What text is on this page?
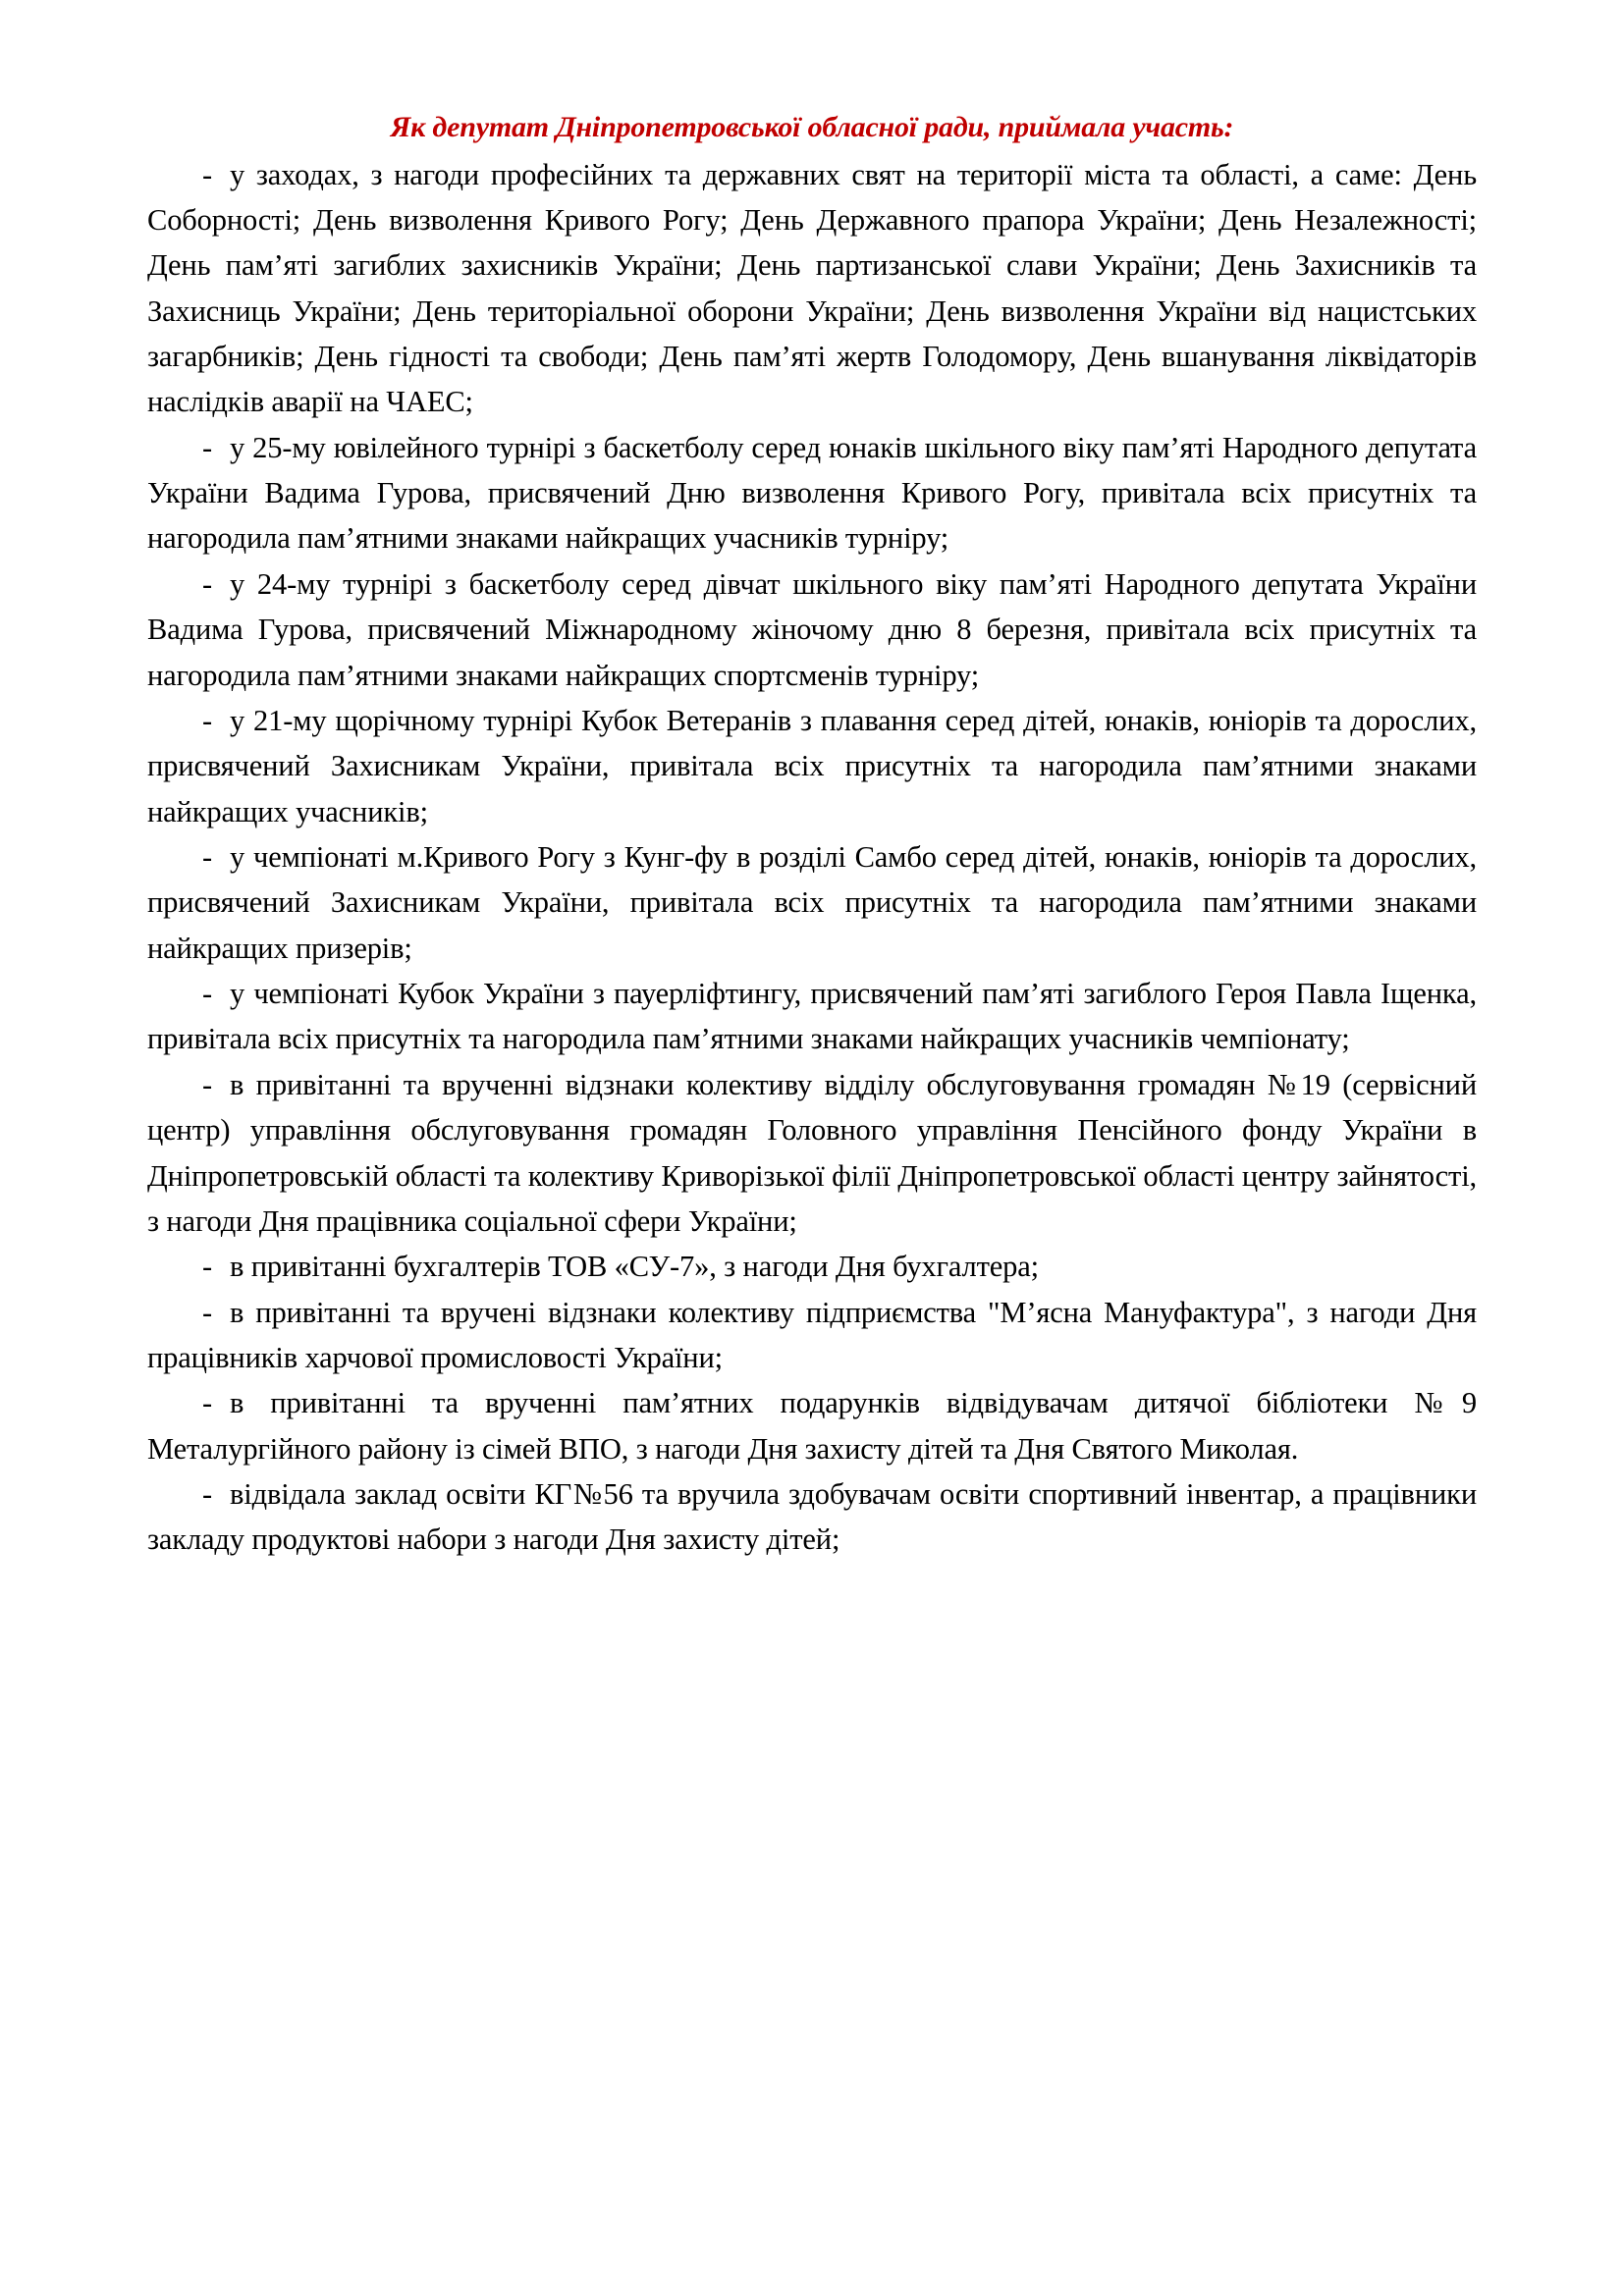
Як депутат Дніпропетровської обласної ради, приймала участь:

- у заходах, з нагоди професійних та державних свят на території міста та області, а саме: День Соборності; День визволення Кривого Рогу; День Державного прапора України; День Незалежності; День пам’яті загиблих захисників України; День партизанської слави України; День Захисників та Захисниць України; День територіальної оборони України; День визволення України від нацистських загарбників; День гідності та свободи; День пам’яті жертв Голодомору, День вшанування ліквідаторів наслідків аварії на ЧАЕС;

- у 25-му ювілейного турнірі з баскетболу серед юнаків шкільного віку пам’яті Народного депутата України Вадима Гурова, присвячений Дню визволення Кривого Рогу, привітала всіх присутніх та нагородила пам’ятними знаками найкращих учасників турніру;

- у 24-му турнірі з баскетболу серед дівчат шкільного віку пам’яті Народного депутата України Вадима Гурова, присвячений Міжнародному жіночому дню 8 березня, привітала всіх присутніх та нагородила пам’ятними знаками найкращих спортсменів турніру;

- у 21-му щорічному турнірі Кубок Ветеранів з плавання серед дітей, юнаків, юніорів та дорослих, присвячений Захисникам України, привітала всіх присутніх та нагородила пам’ятними знаками найкращих учасників;

- у чемпіонаті м.Кривого Рогу з Кунг-фу в розділі Самбо серед дітей, юнаків, юніорів та дорослих, присвячений Захисникам України, привітала всіх присутніх та нагородила пам’ятними знаками найкращих призерів;

- у чемпіонаті Кубок України з пауерліфтингу, присвячений пам’яті загиблого Героя Павла Іщенка, привітала всіх присутніх та нагородила пам’ятними знаками найкращих учасників чемпіонату;

- в привітанні та врученні відзнаки колективу відділу обслуговування громадян №19 (сервісний центр) управління обслуговування громадян Головного управління Пенсійного фонду України в Дніпропетровській області та колективу Криворізької філії Дніпропетровської області центру зайнятості, з нагоди Дня працівника соціальної сфери України;

- в привітанні бухгалтерів ТОВ «СУ-7», з нагоди Дня бухгалтера;

- в привітанні та вручені відзнаки колективу підприємства "М’ясна Мануфактура", з нагоди Дня працівників харчової промисловості України;

- в привітанні та врученні пам’ятних подарунків відвідувачам дитячої бібліотеки №9 Металургійного району із сімей ВПО, з нагоди Дня захисту дітей та Дня Святого Миколая.

- відвідала заклад освіти КГ№56 та вручила здобувачам освіти спортивний інвентар, а працівники закладу продуктові набори з нагоди Дня захисту дітей;
